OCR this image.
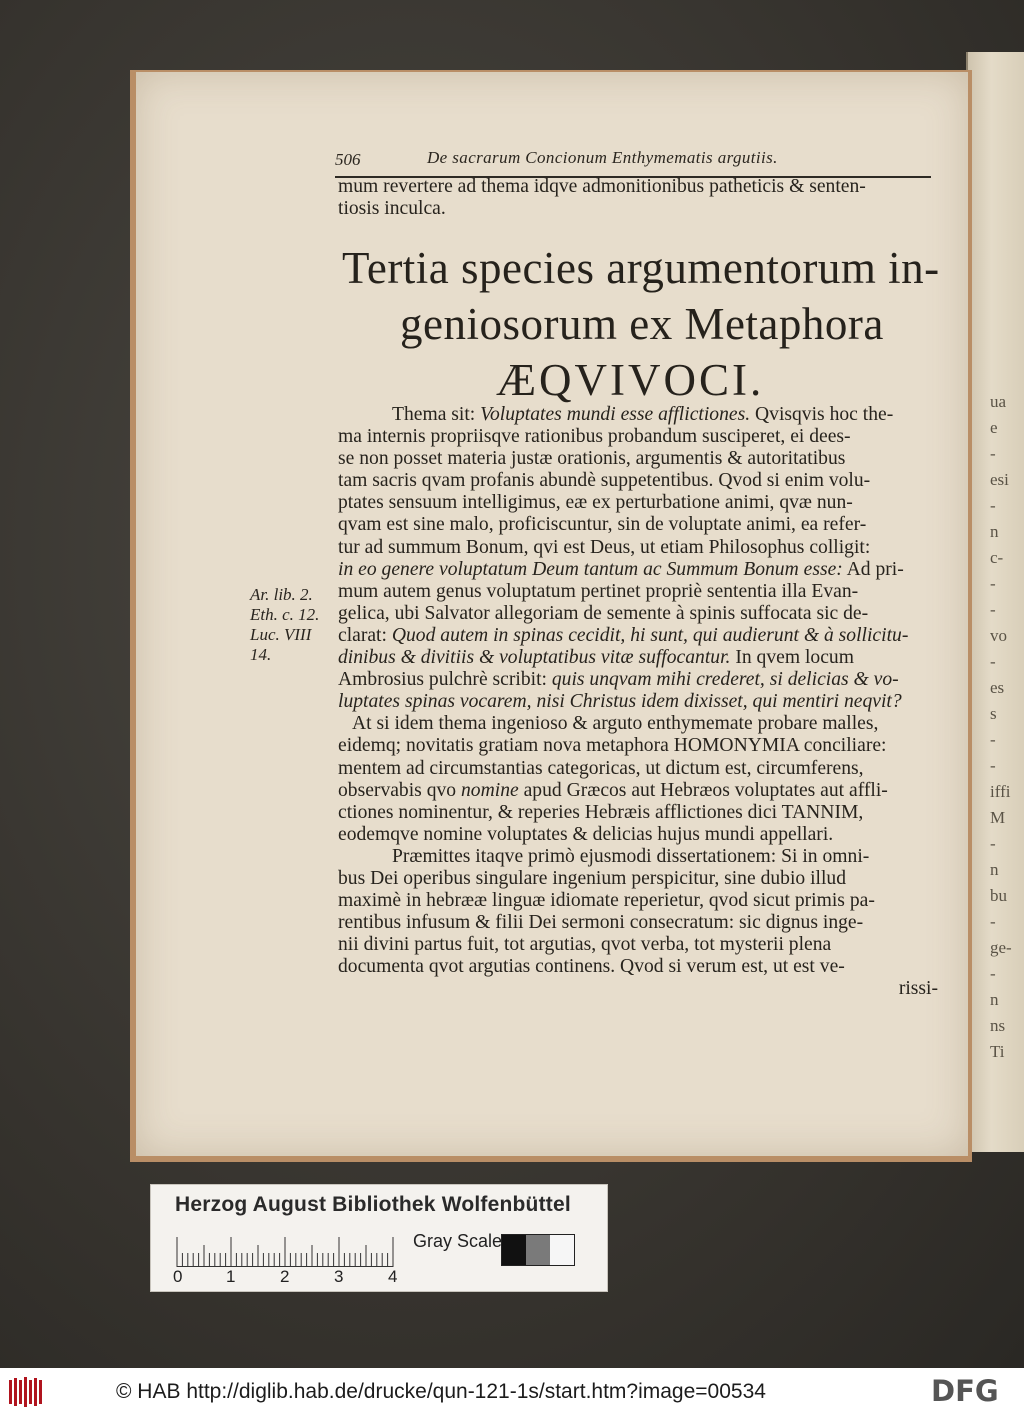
ua
e
-
esi
-
n
c-
-
-
vo
-
es
s
-
-
iffi
M
-
n
bu
-
ge-
-
n
ns
Ti
506	De sacrarum Concionum Enthymematis argutiis.
mum revertere ad thema idqve admonitionibus patheticis & senten-
tiosis inculca.
Tertia species argumentorum in-
geniosorum ex Metaphora
ÆQVIVOCI.
Thema sit: Voluptates mundi esse afflictiones. Qvisqvis hoc the-
ma internis propriisqve rationibus probandum susciperet, ei dees-
se non posset materia justæ orationis, argumentis & autoritatibus
tam sacris qvam profanis abundè suppetentibus. Qvod si enim volu-
ptates sensuum intelligimus, eæ ex perturbatione animi, qvæ nun-
qvam est sine malo, proficiscuntur, sin de voluptate animi, ea refer-
tur ad summum Bonum, qvi est Deus, ut etiam Philosophus colligit:
in eo genere voluptatum Deum tantum ac Summum Bonum esse: Ad pri-
mum autem genus voluptatum pertinet propriè sententia illa Evan-
gelica, ubi Salvator allegoriam de semente à spinis suffocata sic de-
clarat: Quod autem in spinas cecidit, hi sunt, qui audierunt & à sollicitu-
dinibus & divitiis & voluptatibus vitæ suffocantur. In qvem locum
Ambrosius pulchrè scribit: quis unqvam mihi crederet, si delicias & vo-
luptates spinas vocarem, nisi Christus idem dixisset, qui mentiri neqvit?
At si idem thema ingenioso & arguto enthymemate probare malles,
eidemq; novitatis gratiam nova metaphora HOMONYMIA conciliare:
mentem ad circumstantias categoricas, ut dictum est, circumferens,
observabis qvo nomine apud Græcos aut Hebræos voluptates aut affli-
ctiones nominentur, & reperies Hebræis afflictiones dici TANNIM,
eodemqve nomine voluptates & delicias hujus mundi appellari.
Præmittes itaqve primò ejusmodi dissertationem: Si in omni-
bus Dei operibus singulare ingenium perspicitur, sine dubio illud
maximè in hebrææ linguæ idiomate reperietur, qvod sicut primis pa-
rentibus infusum & filii Dei sermoni consecratum: sic dignus inge-
nii divini partus fuit, tot argutias, qvot verba, tot mysterii plena
documenta qvot argutias continens. Qvod si verum est, ut est ve-
rissi-
Ar. lib. 2.
Eth. c. 12.
Luc. VIII
14.
Herzog August Bibliothek Wolfenbüttel
0	1	2	3	4
Gray Scale
© HAB http://diglib.hab.de/drucke/qun-121-1s/start.htm?image=00534	DFG
